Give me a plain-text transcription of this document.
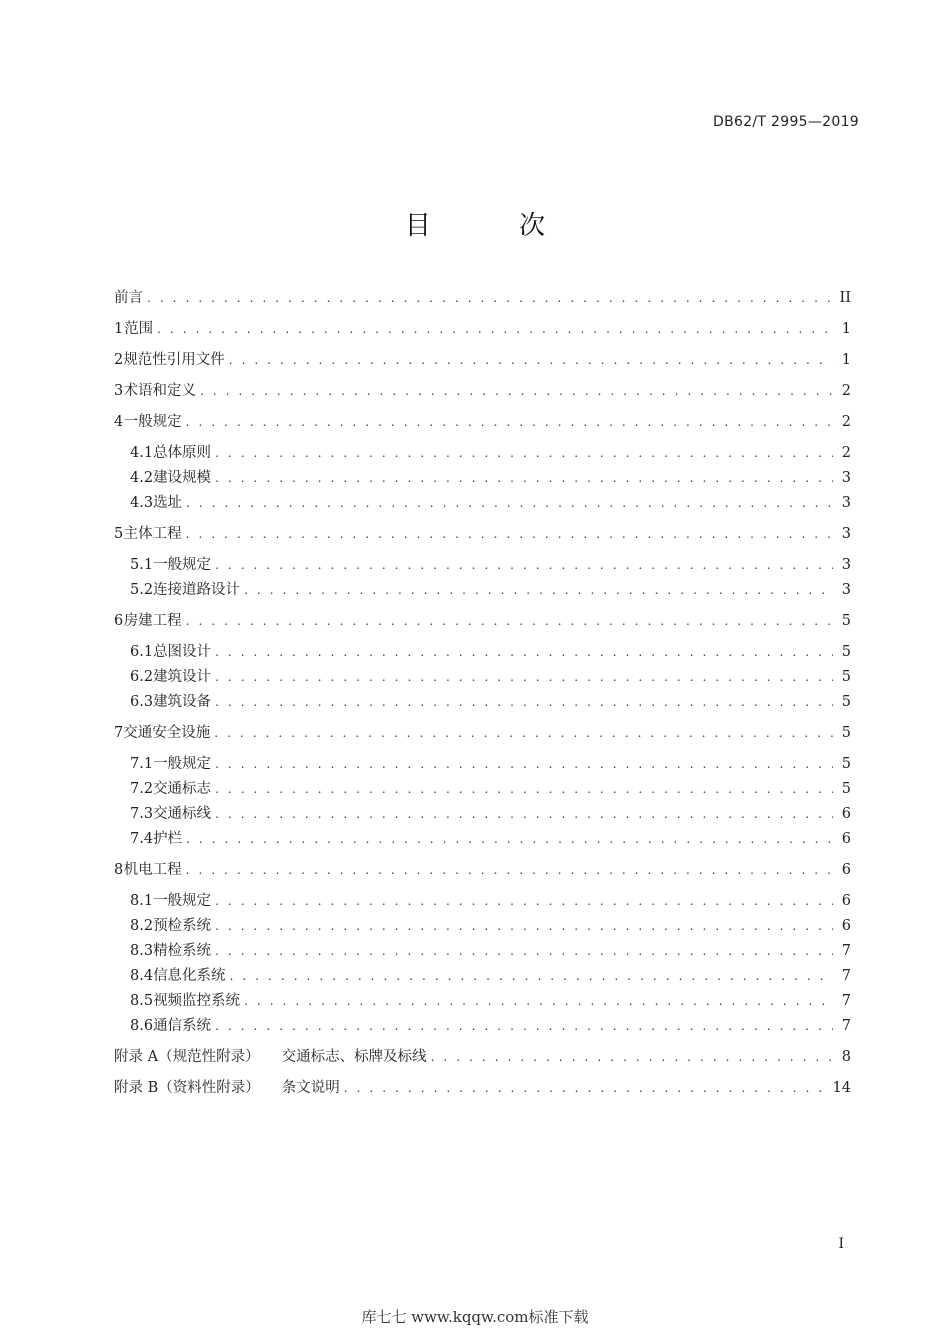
DB62/T 2995—2019
目 次
前言 . . .	II
1 范围 . . .	1
2 规范性引用文件 . . .	1
3 术语和定义 . . .	2
4 一般规定 . . .	2
4.1 总体原则 . . .	2
4.2 建设规模 . . .	3
4.3 选址 . . .	3
5 主体工程 . . .	3
5.1 一般规定 . . .	3
5.2 连接道路设计 . . .	3
6 房建工程 . . .	5
6.1 总图设计 . . .	5
6.2 建筑设计 . . .	5
6.3 建筑设备 . . .	5
7 交通安全设施 . . .	5
7.1 一般规定 . . .	5
7.2 交通标志 . . .	5
7.3 交通标线 . . .	6
7.4 护栏 . . .	6
8 机电工程 . . .	6
8.1 一般规定 . . .	6
8.2 预检系统 . . .	6
8.3 精检系统 . . .	7
8.4 信息化系统 . . .	7
8.5 视频监控系统 . . .	7
8.6 通信系统 . . .	7
附录 A（规范性附录）	交通标志、标牌及标线 . . .	8
附录 B（资料性附录）	条文说明 . . .	14
I
库七七 www.kqqw.com标准下载
